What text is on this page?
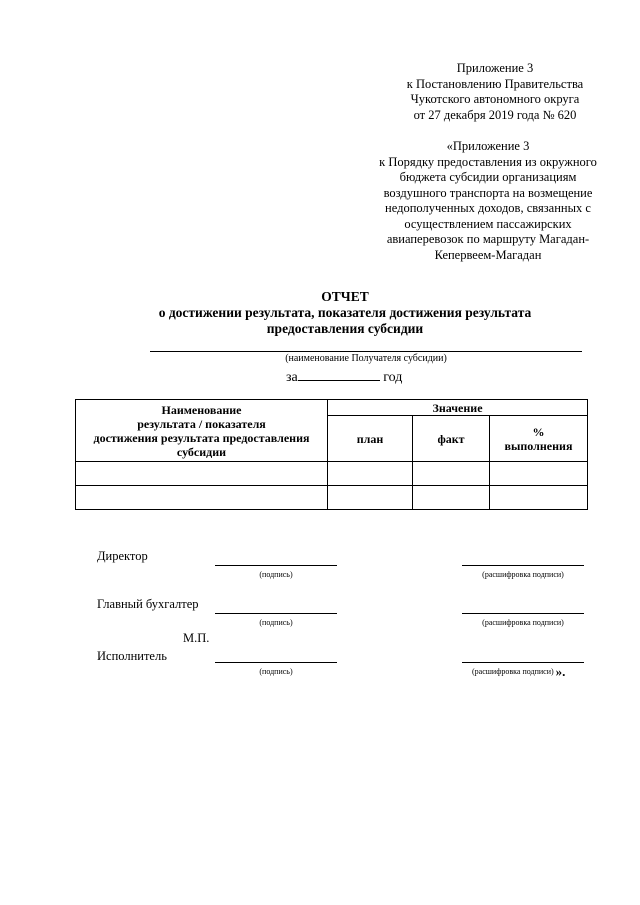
Приложение 3
к Постановлению Правительства
Чукотского автономного округа
от 27 декабря 2019 года № 620
«Приложение 3
к Порядку предоставления из окружного
бюджета субсидии организациям
воздушного транспорта на возмещение
недополученных доходов, связанных с
осуществлением пассажирских
авиаперевозок по маршруту Магадан-
Кепервеем-Магадан
ОТЧЕТ
о достижении результата, показателя достижения результата
предоставления субсидии
(наименование Получателя субсидии)
за	год
Наименование
результата / показателя
достижения результата предоставления
субсидии	Значение		
	план	факт	% выполнения

Директор
(подпись)	(расшифровка подписи)
Главный бухгалтер
(подпись)	(расшифровка подписи)
М.П.
Исполнитель
(подпись)	(расшифровка подписи) ».
